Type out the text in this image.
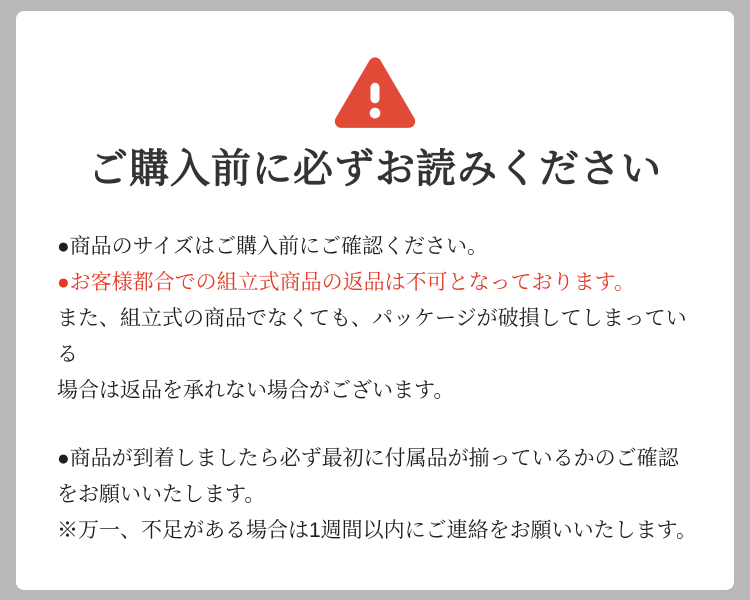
ご購入前に必ずお読みください

●商品のサイズはご購入前にご確認ください。
●お客様都合での組立式商品の返品は不可となっております。
また、組立式の商品でなくても、パッケージが破損してしまっている
場合は返品を承れない場合がございます。

●商品が到着しましたら必ず最初に付属品が揃っているかのご確認
をお願いいたします。
※万一、不足がある場合は1週間以内にご連絡をお願いいたします。
